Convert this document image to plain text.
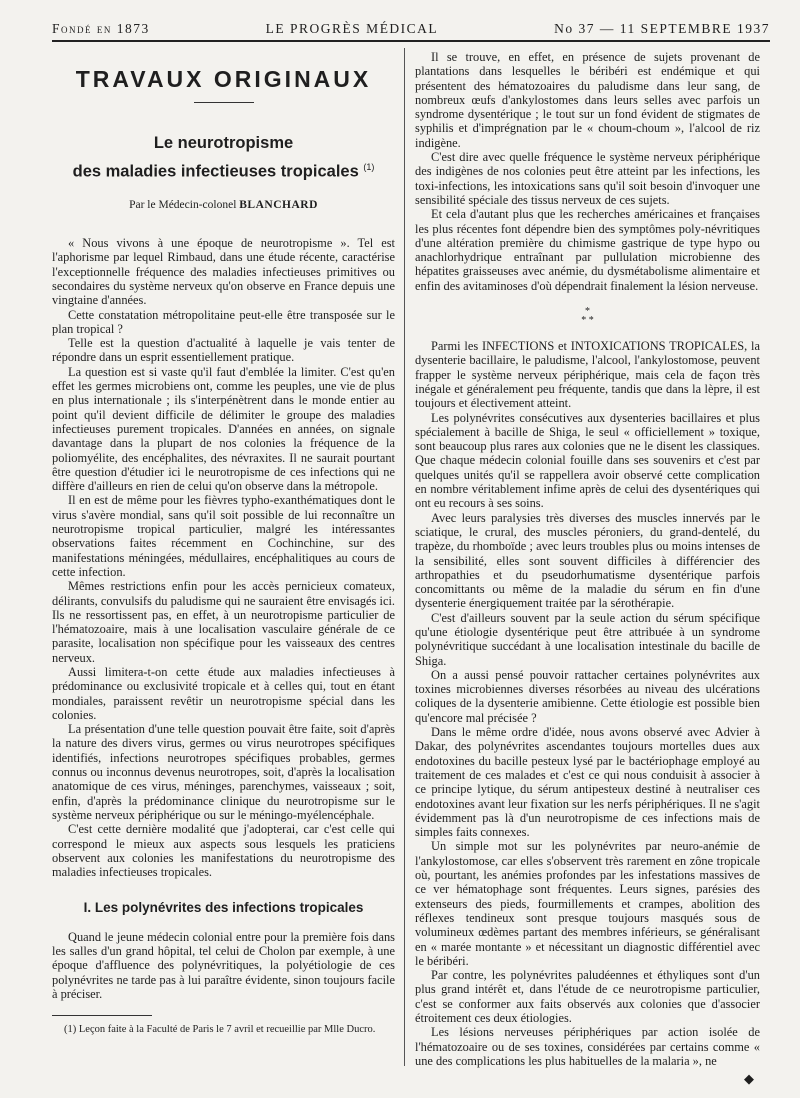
Fondé en 1873	LE PROGRÈS MÉDICAL	No 37 — 11 SEPTEMBRE 1937
TRAVAUX ORIGINAUX
Le neurotropisme
des maladies infectieuses tropicales $^{(1)}$
Par le Médecin-colonel BLANCHARD

« Nous vivons à une époque de neurotropisme ». Tel est l'aphorisme par lequel Rimbaud, dans une étude récente, caractérise l'exceptionnelle fréquence des maladies infectieuses primitives ou secondaires du système nerveux qu'on observe en France depuis une vingtaine d'années.

Cette constatation métropolitaine peut-elle être transposée sur le plan tropical ?

Telle est la question d'actualité à laquelle je vais tenter de répondre dans un esprit essentiellement pratique.

La question est si vaste qu'il faut d'emblée la limiter. C'est qu'en effet les germes microbiens ont, comme les peuples, une vie de plus en plus internationale ; ils s'interpénètrent dans le monde entier au point qu'il devient difficile de délimiter le groupe des maladies infectieuses purement tropicales. D'années en années, on signale davantage dans la plupart de nos colonies la fréquence de la poliomyélite, des encéphalites, des névraxites. Il ne saurait pourtant être question d'étudier ici le neurotropisme de ces infections qui ne diffère d'ailleurs en rien de celui qu'on observe dans la métropole.

Il en est de même pour les fièvres typho-exanthématiques dont le virus s'avère mondial, sans qu'il soit possible de lui reconnaître un neurotropisme tropical particulier, malgré les intéressantes observations faites récemment en Cochinchine, sur des manifestations méningées, médullaires, encéphalitiques au cours de cette infection.

Mêmes restrictions enfin pour les accès pernicieux comateux, délirants, convulsifs du paludisme qui ne sauraient être envisagés ici. Ils ne ressortissent pas, en effet, à un neurotropisme particulier de l'hématozoaire, mais à une localisation vasculaire générale de ce parasite, localisation non spécifique pour les vaisseaux des centres nerveux.

Aussi limitera-t-on cette étude aux maladies infectieuses à prédominance ou exclusivité tropicale et à celles qui, tout en étant mondiales, paraissent revêtir un neurotropisme spécial dans les colonies.

La présentation d'une telle question pouvait être faite, soit d'après la nature des divers virus, germes ou virus neurotropes spécifiques identifiés, infections neurotropes spécifiques probables, germes connus ou inconnus devenus neurotropes, soit, d'après la localisation anatomique de ces virus, méninges, parenchymes, vaisseaux ; soit, enfin, d'après la prédominance clinique du neurotropisme sur le système nerveux périphérique ou sur le méningo-myélencéphale.

C'est cette dernière modalité que j'adopterai, car c'est celle qui correspond le mieux aux aspects sous lesquels les praticiens observent aux colonies les manifestations du neurotropisme des maladies infectieuses tropicales.

I. Les polynévrites des infections tropicales

Quand le jeune médecin colonial entre pour la première fois dans les salles d'un grand hôpital, tel celui de Cholon par exemple, à une époque d'affluence des polynévritiques, la polyétiologie de ces polynévrites ne tarde pas à lui paraître évidente, sinon toujours facile à préciser.

(1) Leçon faite à la Faculté de Paris le 7 avril et recueillie par Mlle Ducro.

Il se trouve, en effet, en présence de sujets provenant de plantations dans lesquelles le béribéri est endémique et qui présentent des hématozoaires du paludisme dans leur sang, de nombreux œufs d'ankylostomes dans leurs selles avec parfois un syndrome dysentérique ; le tout sur un fond évident de stigmates de syphilis et d'imprégnation par le « choum-choum », l'alcool de riz indigène.

C'est dire avec quelle fréquence le système nerveux périphérique des indigènes de nos colonies peut être atteint par les infections, les toxi-infections, les intoxications sans qu'il soit besoin d'invoquer une sensibilité spéciale des tissus nerveux de ces sujets.

Et cela d'autant plus que les recherches américaines et françaises les plus récentes font dépendre bien des symptômes poly-névritiques d'une altération première du chimisme gastrique de type hypo ou anachlorhydrique entraînant par pullulation microbienne des hépatites graisseuses avec anémie, du dysmétabolisme alimentaire et enfin des avitaminoses d'où dépendrait finalement la lésion nerveuse.

*
* *

Parmi les INFECTIONS et INTOXICATIONS TROPICALES, la dysenterie bacillaire, le paludisme, l'alcool, l'ankylostomose, peuvent frapper le système nerveux périphérique, mais cela de façon très inégale et généralement peu fréquente, tandis que dans la lèpre, il est toujours et électivement atteint.

Les polynévrites consécutives aux dysenteries bacillaires et plus spécialement à bacille de Shiga, le seul « officiellement » toxique, sont beaucoup plus rares aux colonies que ne le disent les classiques. Que chaque médecin colonial fouille dans ses souvenirs et c'est par quelques unités qu'il se rappellera avoir observé cette complication en nombre véritablement infime après de celui des dysentériques qui ont eu recours à ses soins.

Avec leurs paralysies très diverses des muscles innervés par le sciatique, le crural, des muscles péroniers, du grand-dentelé, du trapèze, du rhomboïde ; avec leurs troubles plus ou moins intenses de la sensibilité, elles sont souvent difficiles à différencier des arthropathies et du pseudorhumatisme dysentérique parfois concomittants ou même de la maladie du sérum en fin d'une dysenterie énergiquement traitée par la sérothérapie.

C'est d'ailleurs souvent par la seule action du sérum spécifique qu'une étiologie dysentérique peut être attribuée à un syndrome polynévritique succédant à une localisation intestinale du bacille de Shiga.

On a aussi pensé pouvoir rattacher certaines polynévrites aux toxines microbiennes diverses résorbées au niveau des ulcérations coliques de la dysenterie amibienne. Cette étiologie est possible bien qu'encore mal précisée ?

Dans le même ordre d'idée, nous avons observé avec Advier à Dakar, des polynévrites ascendantes toujours mortelles dues aux endotoxines du bacille pesteux lysé par le bactériophage employé au traitement de ces malades et c'est ce qui nous conduisit à associer à ce principe lytique, du sérum antipesteux destiné à neutraliser ces endotoxines avant leur fixation sur les nerfs périphériques. Il ne s'agit évidemment pas là d'un neurotropisme de ces infections mais de simples faits connexes.

Un simple mot sur les polynévrites par neuro-anémie de l'ankylostomose, car elles s'observent très rarement en zône tropicale où, pourtant, les anémies profondes par les infestations massives de ce ver hématophage sont fréquentes. Leurs signes, parésies des extenseurs des pieds, fourmillements et crampes, abolition des réflexes tendineux sont presque toujours masqués sous de volumineux œdèmes partant des membres inférieurs, se généralisant en « marée montante » et nécessitant un diagnostic différentiel avec le béribéri.

Par contre, les polynévrites paludéennes et éthyliques sont d'un plus grand intérêt et, dans l'étude de ce neurotropisme particulier, c'est se conformer aux faits observés aux colonies que d'associer étroitement ces deux étiologies.

Les lésions nerveuses périphériques par action isolée de l'hématozoaire ou de ses toxines, considérées par certains comme « une des complications les plus habituelles de la malaria », ne

◆
